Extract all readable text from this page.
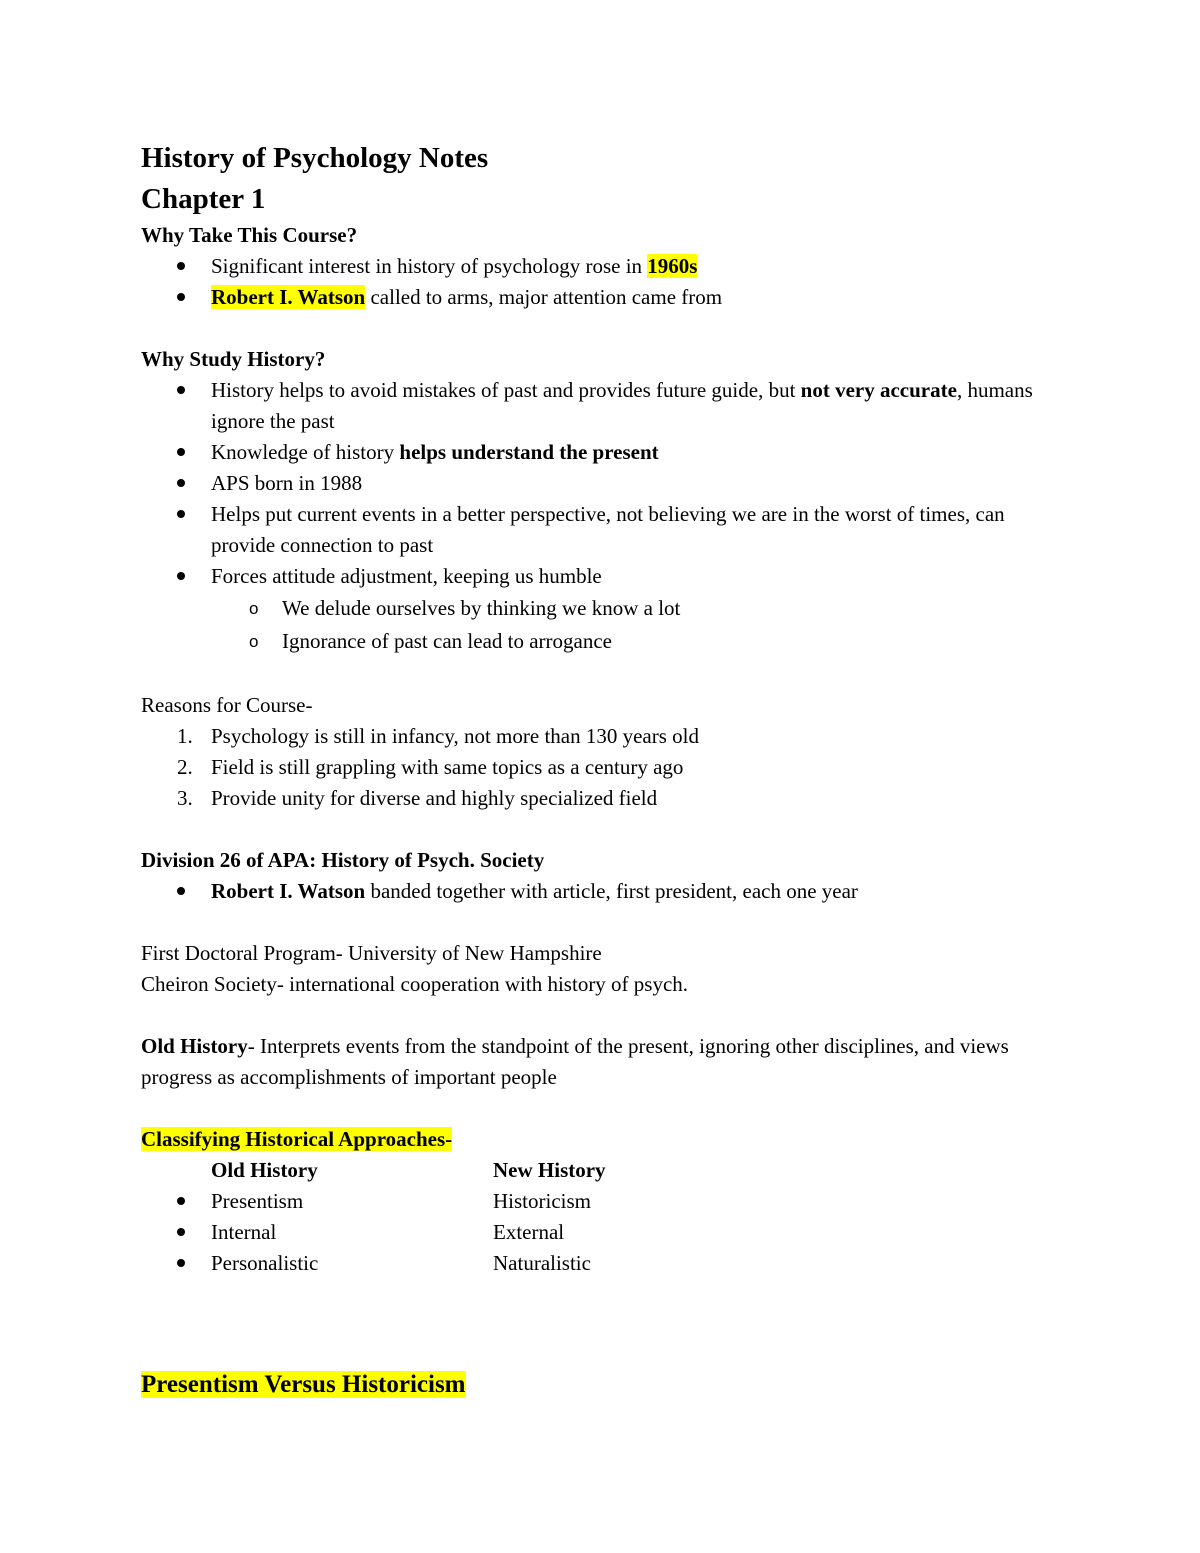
History of Psychology Notes
Chapter 1

Why Take This Course?

Significant interest in history of psychology rose in 1960s
Robert I. Watson called to arms, major attention came from

Why Study History?

History helps to avoid mistakes of past and provides future guide, but not very accurate, humans ignore the past
Knowledge of history helps understand the present
APS born in 1988
Helps put current events in a better perspective, not believing we are in the worst of times, can provide connection to past
Forces attitude adjustment, keeping us humble
o We delude ourselves by thinking we know a lot
o Ignorance of past can lead to arrogance

Reasons for Course-

1. Psychology is still in infancy, not more than 130 years old
2. Field is still grappling with same topics as a century ago
3. Provide unity for diverse and highly specialized field

Division 26 of APA: History of Psych. Society

Robert I. Watson banded together with article, first president, each one year

First Doctoral Program- University of New Hampshire

Cheiron Society- international cooperation with history of psych.

Old History- Interprets events from the standpoint of the present, ignoring other disciplines, and views progress as accomplishments of important people

Classifying Historical Approaches-

Old History	New History
Presentism	Historicism
Internal	External
Personalistic	Naturalistic

Presentism Versus Historicism
